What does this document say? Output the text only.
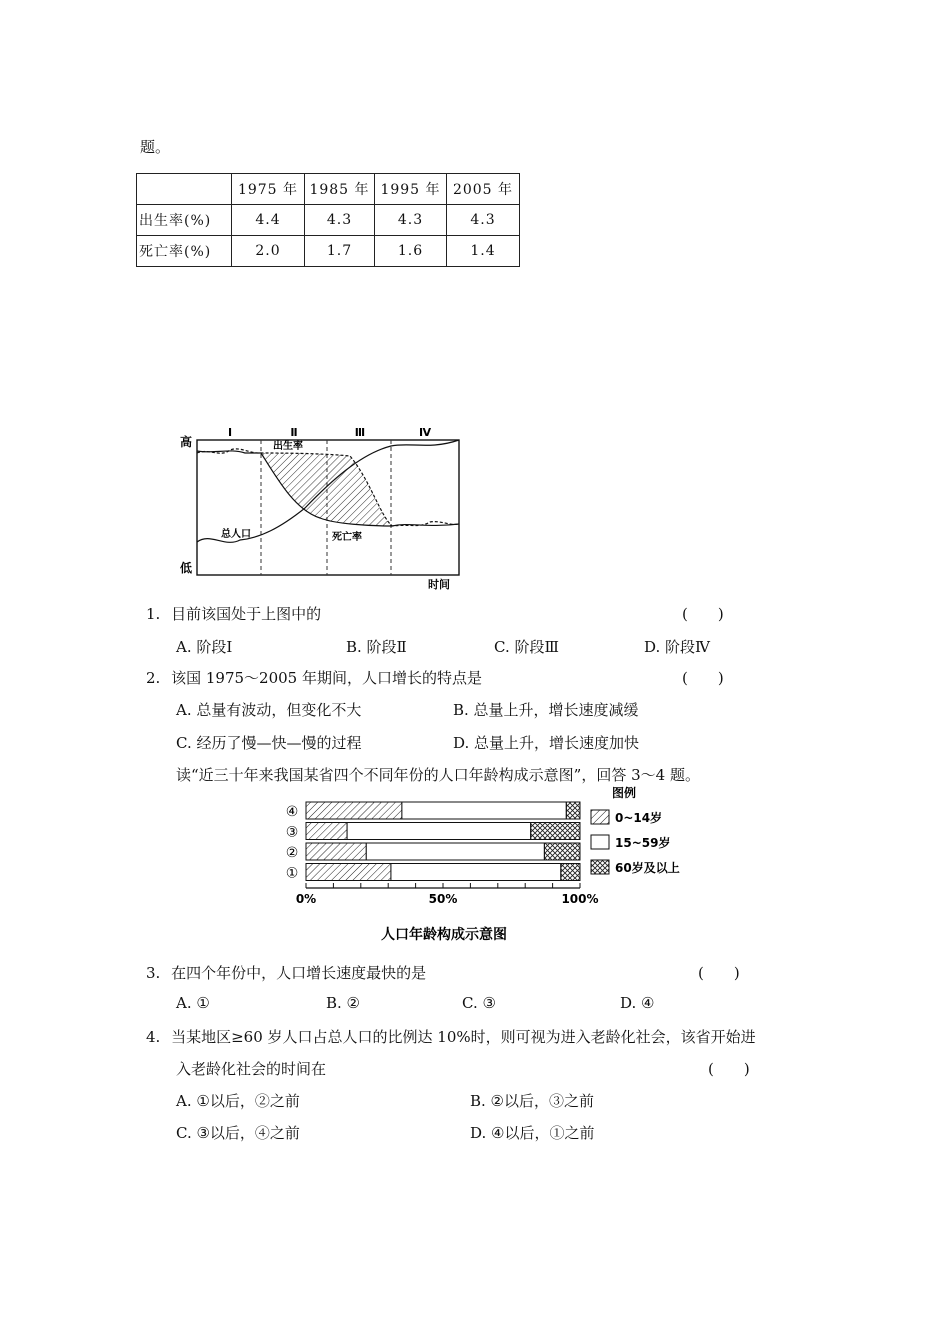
题。
	1975 年	1985 年	1995 年	2005 年
出生率(%)	4.4	4.3	4.3	4.3
死亡率(%)	2.0	1.7	1.6	1.4
Ⅰ	Ⅱ	Ⅲ	Ⅳ
高
低
时间
出生率
死亡率
总人口
1. 目前该国处于上图中的	(　　)
A. 阶段Ⅰ	B. 阶段Ⅱ	C. 阶段Ⅲ	D. 阶段Ⅳ
2. 该国 1975～2005 年期间，人口增长的特点是	(　　)
A. 总量有波动，但变化不大	B. 总量上升，增长速度减缓
C. 经历了慢—快—慢的过程	D. 总量上升，增长速度加快
读“近三十年来我国某省四个不同年份的人口年龄构成示意图”，回答 3～4 题。
④
③
②
①
0%	50%	100%
人口年龄构成示意图
图例
0~14岁
15~59岁
60岁及以上
3. 在四个年份中，人口增长速度最快的是	(　　)
A. ①	B. ②	C. ③	D. ④
4. 当某地区≥60 岁人口占总人口的比例达 10%时，则可视为进入老龄化社会，该省开始进
入老龄化社会的时间在	(　　)
A. ①以后，②之前	B. ②以后，③之前
C. ③以后，④之前	D. ④以后，①之前
